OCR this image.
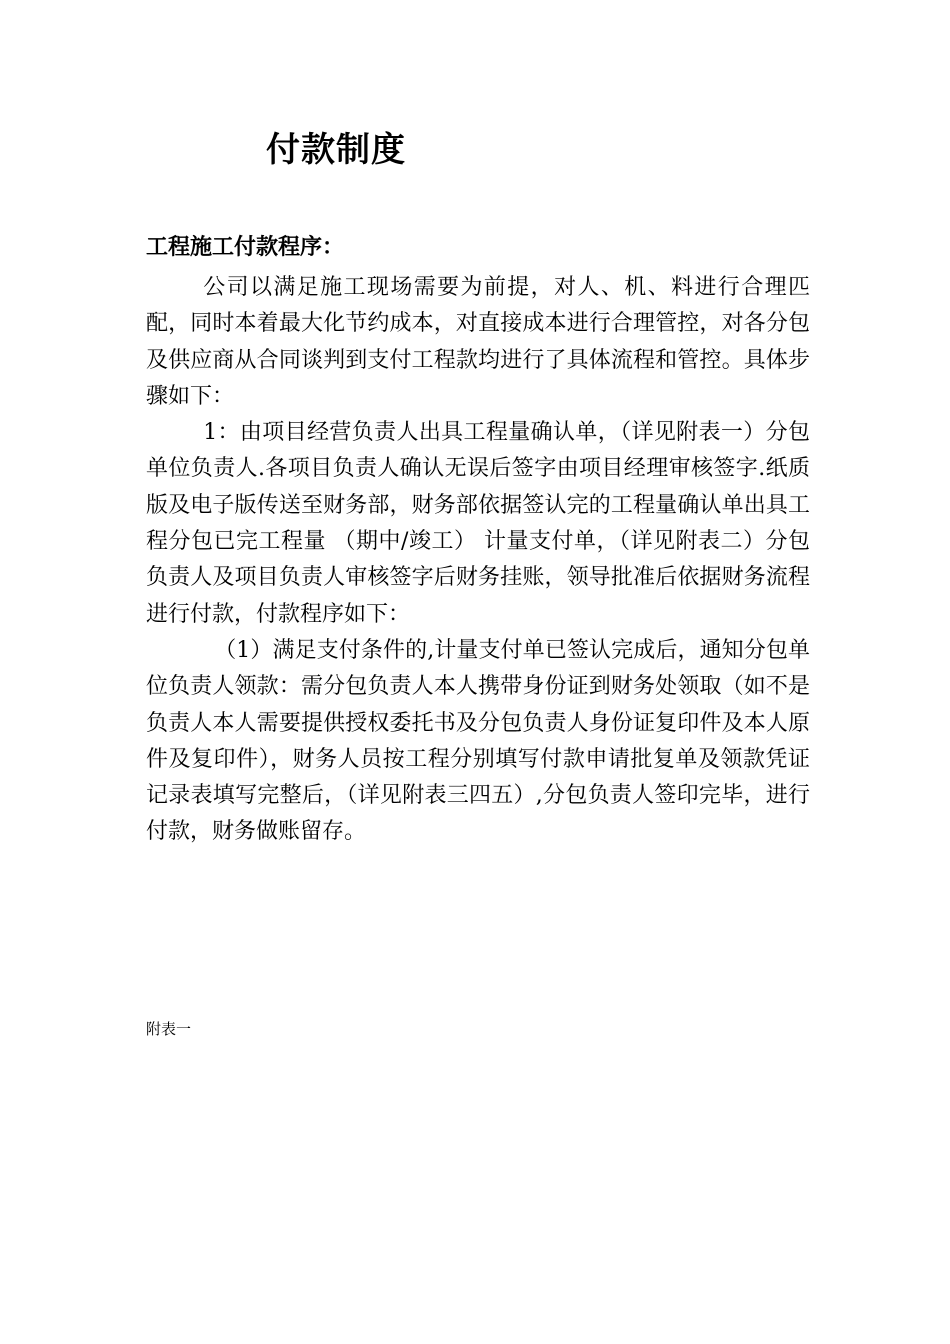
付款制度
工程施工付款程序：

公司以满足施工现场需要为前提，对人、机、料进行合理匹配，同时本着最大化节约成本，对直接成本进行合理管控，对各分包及供应商从合同谈判到支付工程款均进行了具体流程和管控。具体步骤如下：

1：由项目经营负责人出具工程量确认单，（详见附表一）分包单位负责人.各项目负责人确认无误后签字由项目经理审核签字.纸质版及电子版传送至财务部，财务部依据签认完的工程量确认单出具工程分包已完工程量 （期中/竣工） 计量支付单，（详见附表二）分包负责人及项目负责人审核签字后财务挂账，领导批准后依据财务流程进行付款，付款程序如下：

（1）满足支付条件的,计量支付单已签认完成后，通知分包单位负责人领款：需分包负责人本人携带身份证到财务处领取（如不是负责人本人需要提供授权委托书及分包负责人身份证复印件及本人原件及复印件），财务人员按工程分别填写付款申请批复单及领款凭证记录表填写完整后，（详见附表三四五）,分包负责人签印完毕，进行付款，财务做账留存。

附表一
